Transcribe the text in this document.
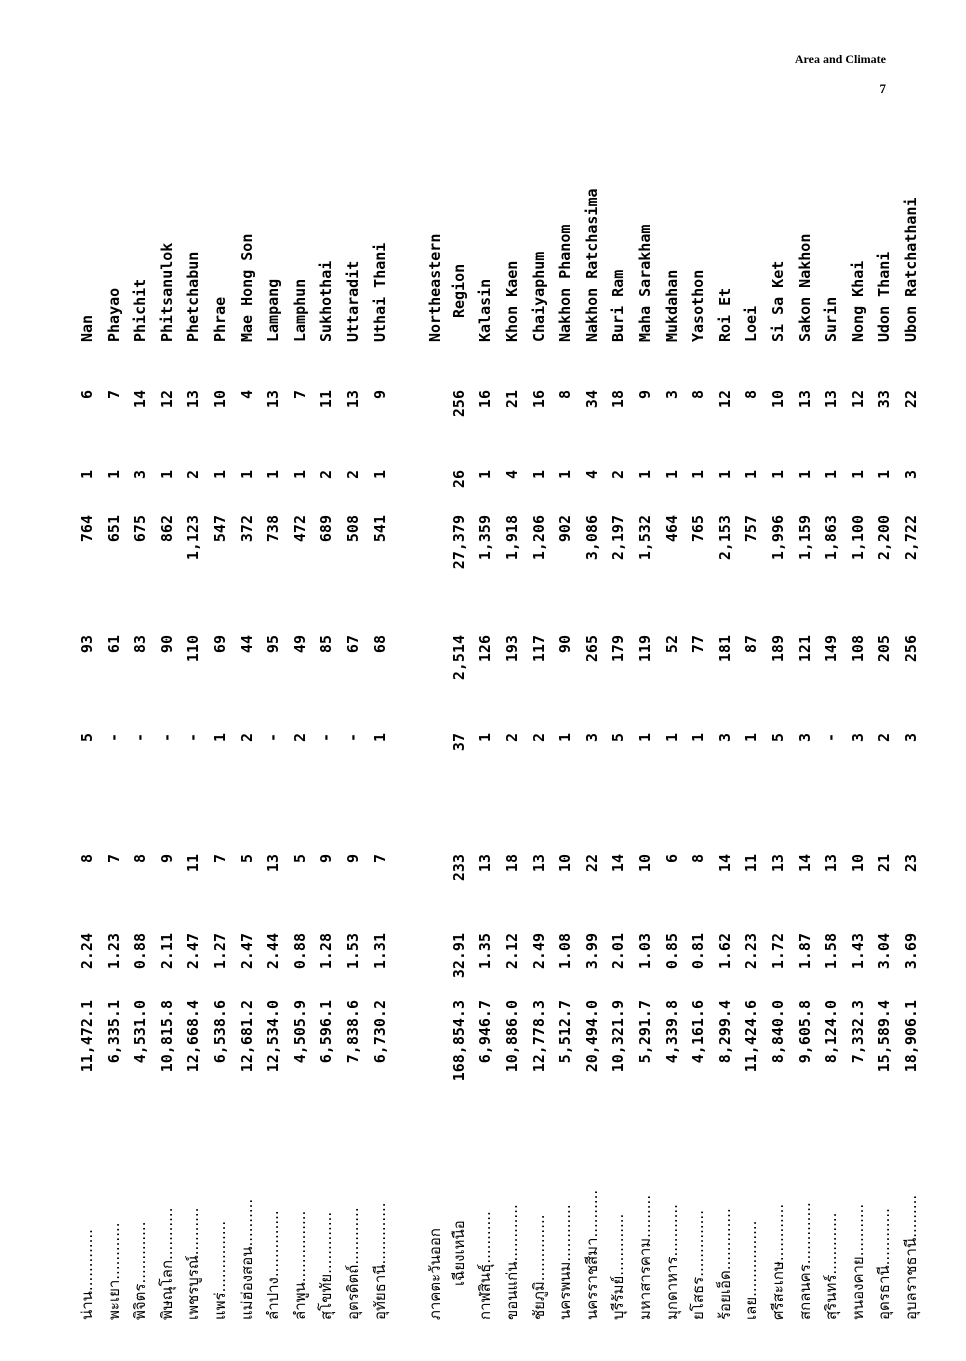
Area and Climate
7
น่าน.............
11,472.1
2.24
8
5
93
764
1
6
Nan
พะเยา............
6,335.1
1.23
7
-
61
651
1
7
Phayao
พิจิตร.............
4,531.0
0.88
8
-
83
675
3
14
Phichit
พิษณุโลก...........
10,815.8
2.11
9
-
90
862
1
12
Phitsanulok
เพชรบูรณ์..........
12,668.4
2.47
11
-
110
1,123
2
13
Phetchabun
แพร่...............
6,538.6
1.27
7
1
69
547
1
10
Phrae
แม่ฮ่องสอน..........
12,681.2
2.47
5
2
44
372
1
4
Mae Hong Son
ลำปาง..............
12,534.0
2.44
13
-
95
738
1
13
Lampang
ลำพูน...............
4,505.9
0.88
5
2
49
472
1
7
Lamphun
สุโขทัย.............
6,596.1
1.28
9
-
85
689
2
11
Sukhothai
อุตรดิตถ์............
7,838.6
1.53
9
-
67
508
2
13
Uttaradit
อุทัยธานี.............
6,730.2
1.31
7
1
68
541
1
9
Uthai Thani
ภาคตะวันออก
Northeastern
เฉียงเหนือ
168,854.3
32.91
233
37
2,514
27,379
26
256
Region
กาฬสินธุ์...........
6,946.7
1.35
13
1
126
1,359
1
16
Kalasin
ขอนแก่น............
10,886.0
2.12
18
2
193
1,918
4
21
Khon Kaen
ชัยภูมิ..............
12,778.3
2.49
13
2
117
1,206
1
16
Chaiyaphum
นครพนม............
5,512.7
1.08
10
1
90
902
1
8
Nakhon Phanom
นครราชสีมา..........
20,494.0
3.99
22
3
265
3,086
4
34
Nakhon Ratchasima
บุรีรัมย์.............
10,321.9
2.01
14
5
179
2,197
2
18
Buri Ram
มหาสารคาม.........
5,291.7
1.03
10
1
119
1,532
1
9
Maha Sarakham
มุกดาหาร...........
4,339.8
0.85
6
1
52
464
1
3
Mukdahan
ยโสธร..............
4,161.6
0.81
8
1
77
765
1
8
Yasothon
ร้อยเอ็ด.............
8,299.4
1.62
14
3
181
2,153
1
12
Roi Et
เลย................
11,424.6
2.23
11
1
87
757
1
8
Loei
ศรีสะเกษ............
8,840.0
1.72
13
5
189
1,996
1
10
Si Sa Ket
สกลนคร.............
9,605.8
1.87
14
3
121
1,159
1
13
Sakon Nakhon
สุรินทร์.............
8,124.0
1.58
13
-
149
1,863
1
13
Surin
หนองคาย...........
7,332.3
1.43
10
3
108
1,100
1
12
Nong Khai
อุดรธานี............
15,589.4
3.04
21
2
205
2,200
1
33
Udon Thani
อุบลราชธานี.........
18,906.1
3.69
23
3
256
2,722
3
22
Ubon Ratchathani
